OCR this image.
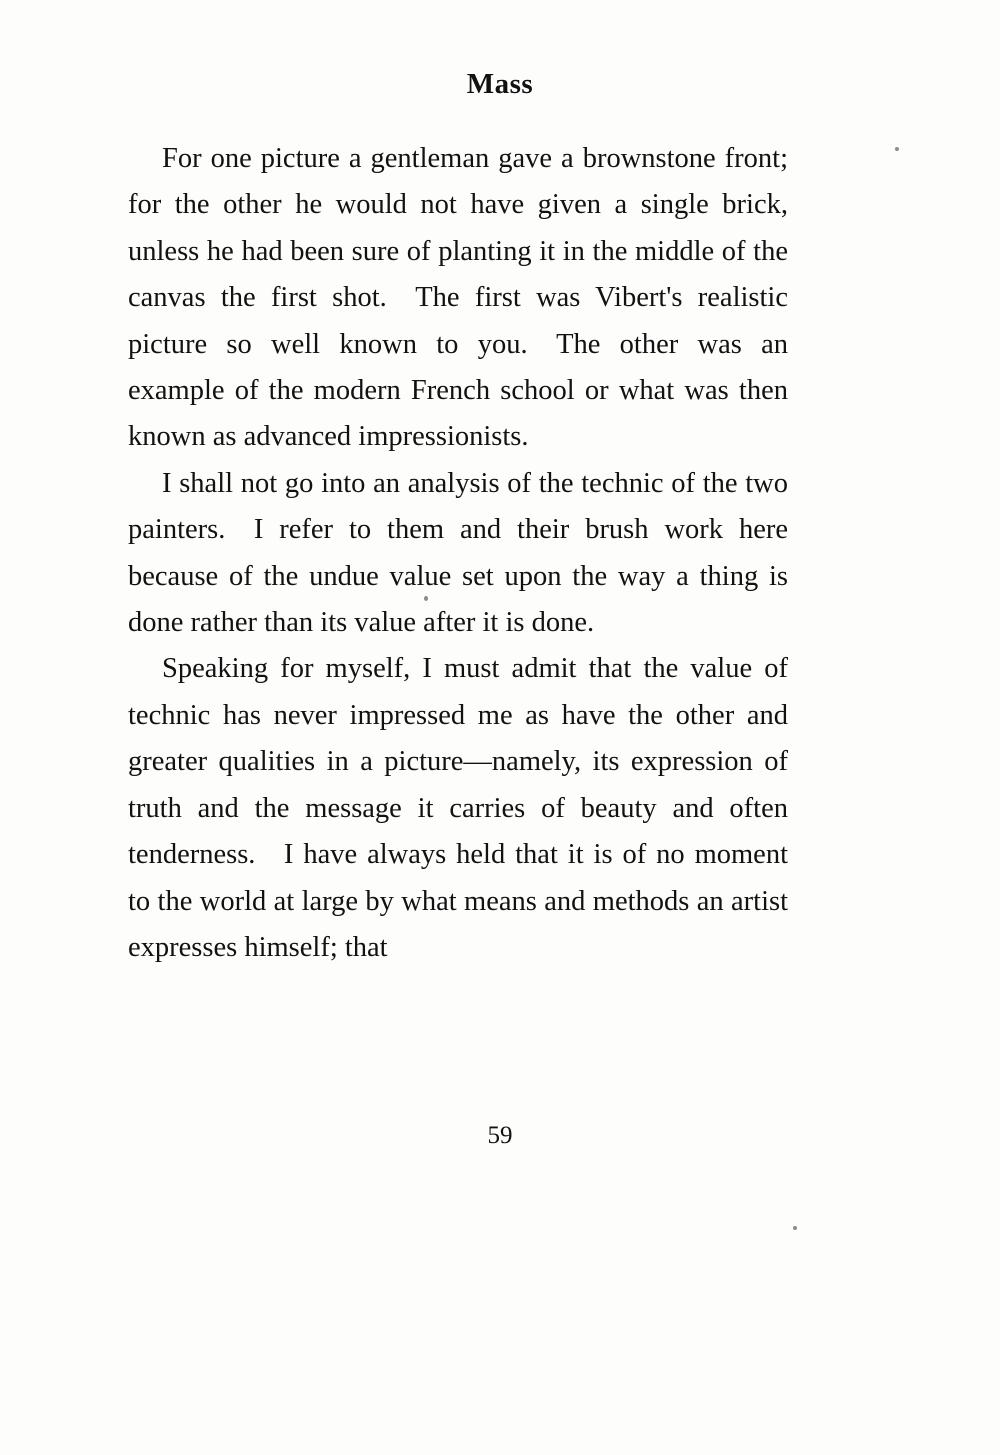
Mass

For one picture a gentleman gave a brownstone front; for the other he would not have given a single brick, unless he had been sure of planting it in the middle of the canvas the first shot. The first was Vibert's realistic picture so well known to you. The other was an example of the modern French school or what was then known as advanced impressionists.

I shall not go into an analysis of the technic of the two painters. I refer to them and their brush work here because of the undue value set upon the way a thing is done rather than its value after it is done.

Speaking for myself, I must admit that the value of technic has never impressed me as have the other and greater qualities in a picture—namely, its expression of truth and the message it carries of beauty and often tenderness. I have always held that it is of no moment to the world at large by what means and methods an artist expresses himself; that

59
